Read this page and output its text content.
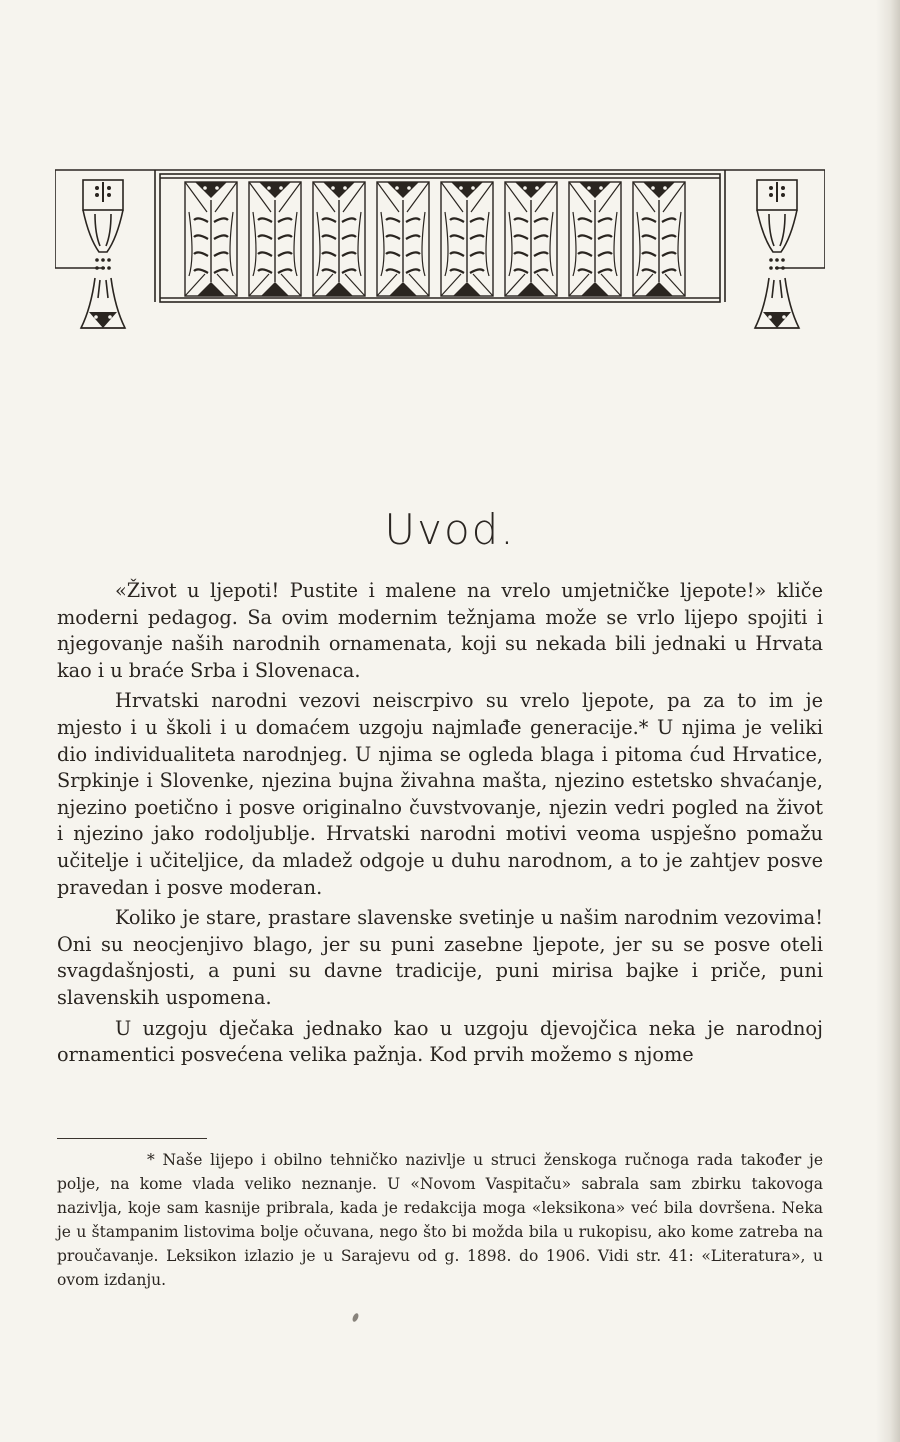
Uvod.

«Život u ljepoti! Pustite i malene na vrelo umjetničke ljepote!» kliče moderni pedagog. Sa ovim modernim težnjama može se vrlo lijepo spojiti i njegovanje naših narodnih ornamenata, koji su nekada bili jednaki u Hrvata kao i u braće Srba i Slovenaca.

Hrvatski narodni vezovi neiscrpivo su vrelo ljepote, pa za to im je mjesto i u školi i u domaćem uzgoju najmlađe generacije.* U njima je veliki dio individualiteta narodnjeg. U njima se ogleda blaga i pitoma ćud Hrvatice, Srpkinje i Slovenke, njezina bujna živahna mašta, njezino estetsko shvaćanje, njezino poetično i posve originalno čuvstvovanje, njezin vedri pogled na život i njezino jako rodoljublje. Hrvatski narodni motivi veoma uspješno pomažu učitelje i učiteljice, da mladež odgoje u duhu narodnom, a to je zahtjev posve pravedan i posve moderan.

Koliko je stare, prastare slavenske svetinje u našim narodnim vezovima! Oni su neocjenjivo blago, jer su puni zasebne ljepote, jer su se posve oteli svagdašnjosti, a puni su davne tradicije, puni mirisa bajke i priče, puni slavenskih uspomena.

U uzgoju dječaka jednako kao u uzgoju djevojčica neka je narodnoj ornamentici posvećena velika pažnja. Kod prvih možemo s njome

* Naše lijepo i obilno tehničko nazivlje u struci ženskoga ručnoga rada također je polje, na kome vlada veliko neznanje. U «Novom Vaspitaču» sabrala sam zbirku takovoga nazivlja, koje sam kasnije pribrala, kada je redakcija moga «leksikona» već bila dovršena. Neka je u štampanim listovima bolje očuvana, nego što bi možda bila u rukopisu, ako kome zatreba na proučavanje. Leksikon izlazio je u Sarajevu od g. 1898. do 1906. Vidi str. 41: «Literatura», u ovom izdanju.
